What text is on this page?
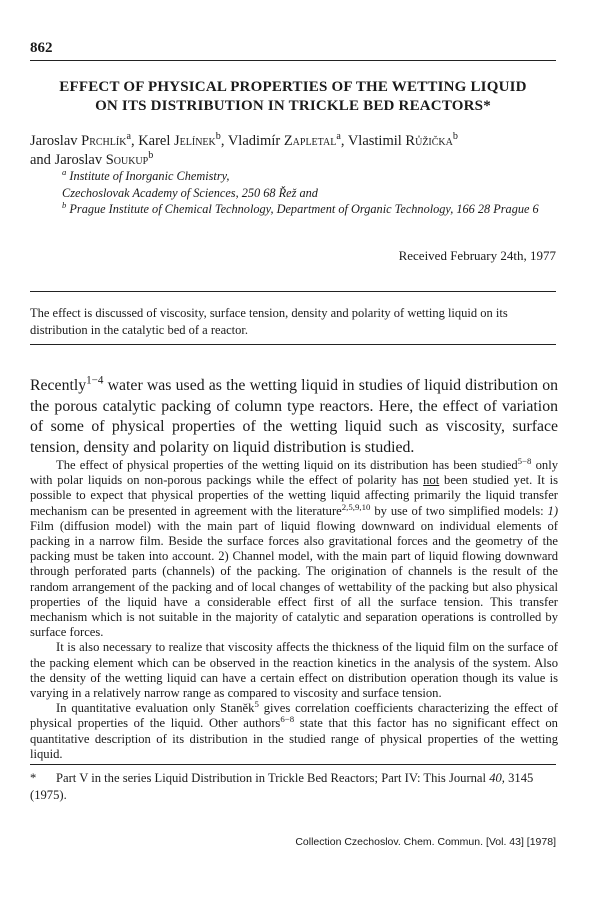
862
EFFECT OF PHYSICAL PROPERTIES OF THE WETTING LIQUID
ON ITS DISTRIBUTION IN TRICKLE BED REACTORS*
Jaroslav Prchlík$^a$, Karel Jelínek$^b$, Vladimír Zapletal$^a$, Vlastimil Růžička$^b$
and Jaroslav Soukup$^b$
$^a$ Institute of Inorganic Chemistry,
Czechoslovak Academy of Sciences, 250 68 Řež and
$^b$ Prague Institute of Chemical Technology, Department of Organic Technology, 166 28 Prague 6
Received February 24th, 1977
The effect is discussed of viscosity, surface tension, density and polarity of wetting liquid on its distribution in the catalytic bed of a reactor.
Recently$^{1-4}$ water was used as the wetting liquid in studies of liquid distribution on the porous catalytic packing of column type reactors. Here, the effect of variation of some of physical properties of the wetting liquid such as viscosity, surface tension, density and polarity on liquid distribution is studied.

The effect of physical properties of the wetting liquid on its distribution has been studied$^{5-8}$ only with polar liquids on non-porous packings while the effect of polarity has not been studied yet. It is possible to expect that physical properties of the wetting liquid affecting primarily the liquid transfer mechanism can be presented in agreement with the literature$^{2,5,9,10}$ by use of two simplified models: 1) Film (diffusion model) with the main part of liquid flowing downward on individual elements of packing in a narrow film. Beside the surface forces also gravitational forces and the geometry of the packing must be taken into account. 2) Channel model, with the main part of liquid flowing downward through perforated parts (channels) of the packing. The origination of channels is the result of the random arrangement of the packing and of local changes of wettability of the packing but also physical properties of the liquid have a considerable effect first of all the surface tension. This transfer mechanism which is not suitable in the majority of catalytic and separation operations is controlled by surface forces.

It is also necessary to realize that viscosity affects the thickness of the liquid film on the surface of the packing element which can be observed in the reaction kinetics in the analysis of the system. Also the density of the wetting liquid can have a certain effect on distribution operation though its value is varying in a relatively narrow range as compared to viscosity and surface tension.

In quantitative evaluation only Staněk$^5$ gives correlation coefficients characterizing the effect of physical properties of the liquid. Other authors$^{6-8}$ state that this factor has no significant effect on quantitative description of its distribution in the studied range of physical properties of the wetting liquid.

* Part V in the series Liquid Distribution in Trickle Bed Reactors; Part IV: This Journal 40, 3145 (1975).
Collection Czechoslov. Chem. Commun. [Vol. 43] [1978]
